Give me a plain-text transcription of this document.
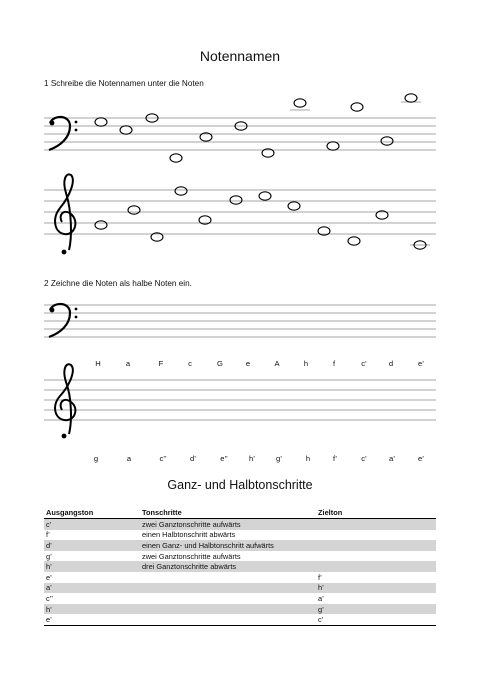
Notennamen
1 Schreibe die Notennamen unter die Noten
2 Zeichne die Noten als halbe Noten ein.
H	a	F	c	G	e	A	h	f	c’	d	e’
g	a	c’’	d’	e’’	h’	g’	h	f’	c’	a’	e’
Ganz- und Halbtonschritte
Ausgangston	Tonschritte	Zielton
c’	zwei Ganztonschritte aufwärts	
f’	einen Halbtonschritt abwärts	
d’	einen Ganz- und Halbtonschritt aufwärts	
g’	zwei Ganztonschritte aufwärts	
h’	drei Ganztonschritte abwärts	
e’		f’
a’		h’
c’’		a’
h’		g’
e’		c’
